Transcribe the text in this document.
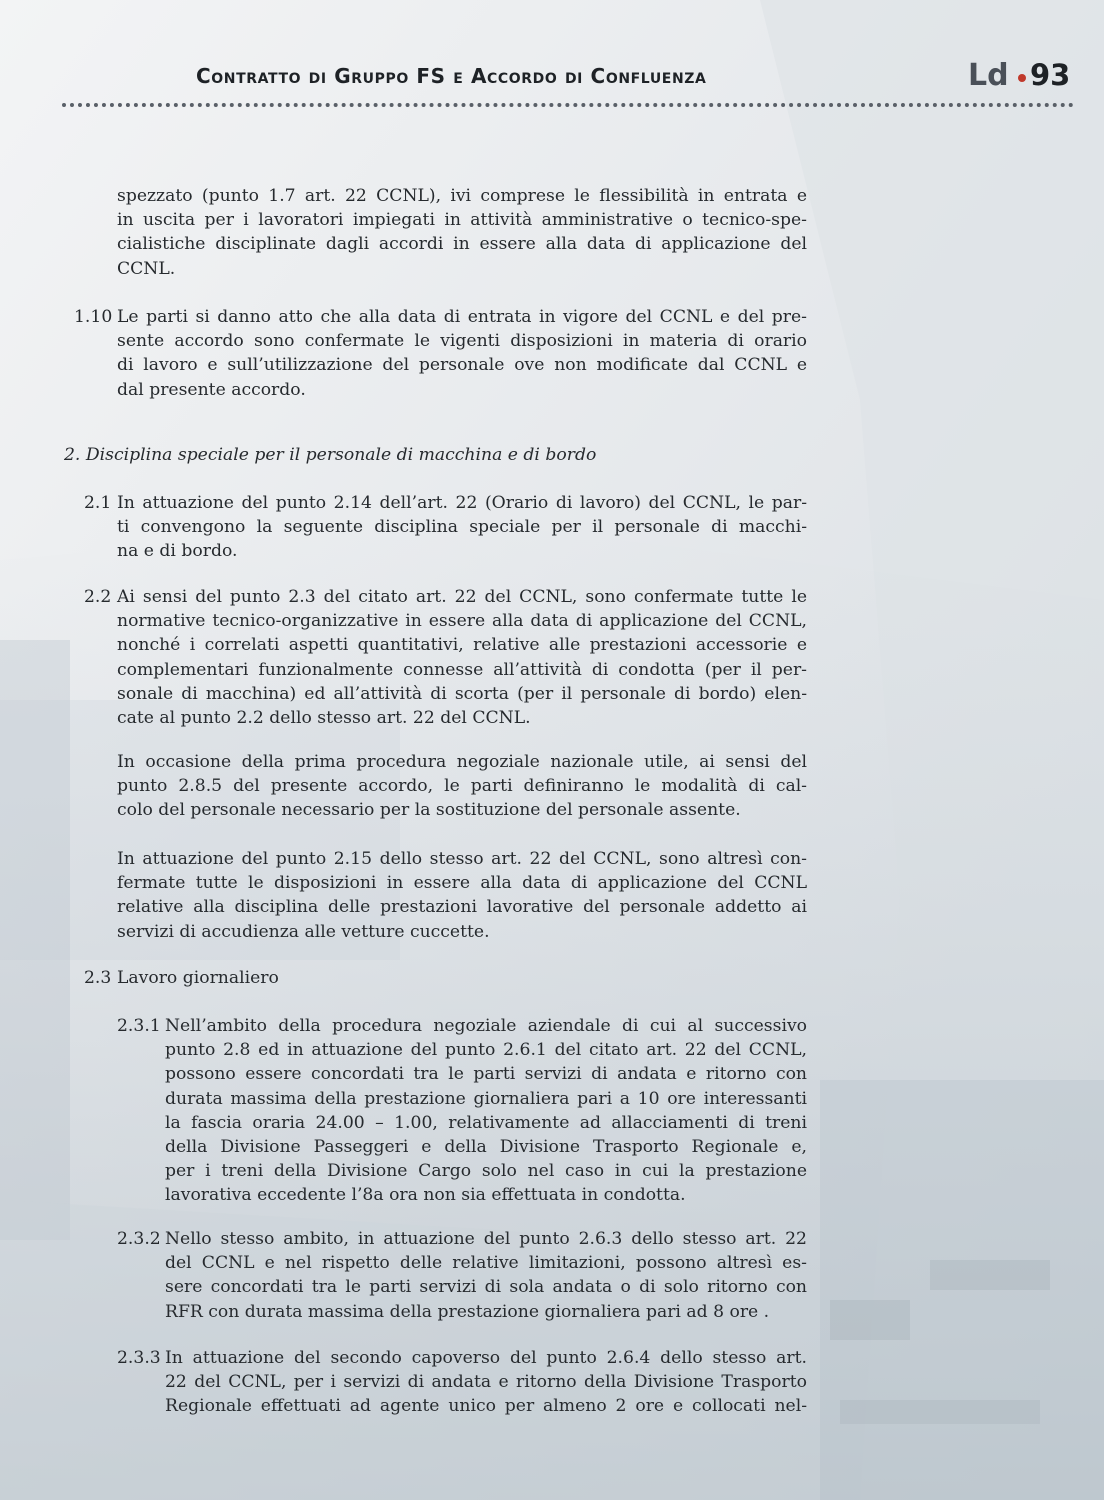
Contratto di Gruppo FS e Accordo di Confluenza	Ld 93
spezzato (punto 1.7 art. 22 CCNL), ivi comprese le flessibilità in entrata e
in uscita per i lavoratori impiegati in attività amministrative o tecnico-spe-
cialistiche disciplinate dagli accordi in essere alla data di applicazione del
CCNL.
1.10 Le parti si danno atto che alla data di entrata in vigore del CCNL e del pre-
sente accordo sono confermate le vigenti disposizioni in materia di orario
di lavoro e sull’utilizzazione del personale ove non modificate dal CCNL e
dal presente accordo.
2. Disciplina speciale per il personale di macchina e di bordo
2.1 In attuazione del punto 2.14 dell’art. 22 (Orario di lavoro) del CCNL, le par-
ti convengono la seguente disciplina speciale per il personale di macchi-
na e di bordo.
2.2 Ai sensi del punto 2.3 del citato art. 22 del CCNL, sono confermate tutte le
normative tecnico-organizzative in essere alla data di applicazione del CCNL,
nonché i correlati aspetti quantitativi, relative alle prestazioni accessorie e
complementari funzionalmente connesse all’attività di condotta (per il per-
sonale di macchina) ed all’attività di scorta (per il personale di bordo) elen-
cate al punto 2.2 dello stesso art. 22 del CCNL.
In occasione della prima procedura negoziale nazionale utile, ai sensi del
punto 2.8.5 del presente accordo, le parti definiranno le modalità di cal-
colo del personale necessario per la sostituzione del personale assente.
In attuazione del punto 2.15 dello stesso art. 22 del CCNL, sono altresì con-
fermate tutte le disposizioni in essere alla data di applicazione del CCNL
relative alla disciplina delle prestazioni lavorative del personale addetto ai
servizi di accudienza alle vetture cuccette.
2.3 Lavoro giornaliero
2.3.1 Nell’ambito della procedura negoziale aziendale di cui al successivo
punto 2.8 ed in attuazione del punto 2.6.1 del citato art. 22 del CCNL,
possono essere concordati tra le parti servizi di andata e ritorno con
durata massima della prestazione giornaliera pari a 10 ore interessanti
la fascia oraria 24.00 – 1.00, relativamente ad allacciamenti di treni
della Divisione Passeggeri e della Divisione Trasporto Regionale e,
per i treni della Divisione Cargo solo nel caso in cui la prestazione
lavorativa eccedente l’8a ora non sia effettuata in condotta.
2.3.2 Nello stesso ambito, in attuazione del punto 2.6.3 dello stesso art. 22
del CCNL e nel rispetto delle relative limitazioni, possono altresì es-
sere concordati tra le parti servizi di sola andata o di solo ritorno con
RFR con durata massima della prestazione giornaliera pari ad 8 ore .
2.3.3 In attuazione del secondo capoverso del punto 2.6.4 dello stesso art.
22 del CCNL, per i servizi di andata e ritorno della Divisione Trasporto
Regionale effettuati ad agente unico per almeno 2 ore e collocati nel-
